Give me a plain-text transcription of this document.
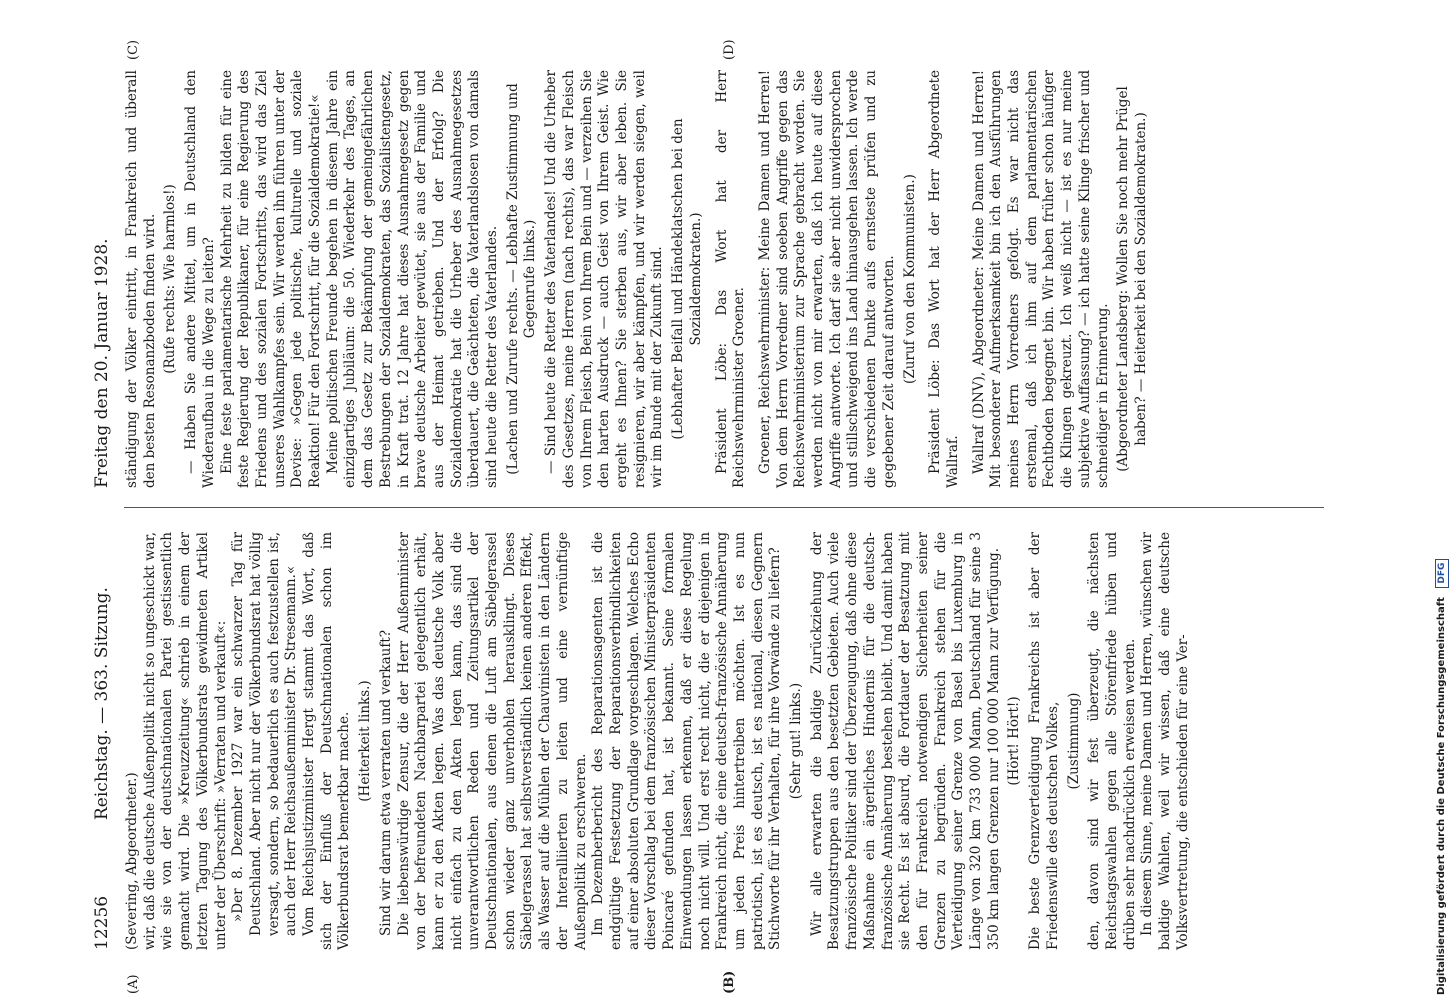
12256
Reichstag. — 363. Sitzung.
Freitag den 20. Januar 1928.
(A)	(B)
(C)	(D)

(Severing, Abgeordneter.) wir, daß die deutsche Außenpolitik nicht so ungeschickt war, wie sie von der deutschnationalen Partei gestissentlich gemacht wird. Die »Kreuzzeitung« schrieb in einem der letzten Tagung des Völkerbundsrats gewidmeten Artikel unter der Überschrift: »Verraten und verkauft«: »Der 8. Dezember 1927 war ein schwarzer Tag für Deutschland. Aber nicht nur der Völkerbundsrat hat völlig versagt, sondern, so bedauerlich es auch festzustellen ist, auch der Herr Reichsaußenminister Dr. Stresemann.« Vom Reichsjustizminister Hergt stammt das Wort, daß sich der Einfluß der Deutschnationalen schon im Völkerbundsrat bemerkbar mache. (Heiterkeit links.) Sind wir darum etwa verraten und verkauft? Die liebenswürdige Zensur, die der Herr Außenminister von der befreundeten Nachbarpartei gelegentlich erhält, kann er zu den Akten legen. Was das deutsche Volk aber nicht einfach zu den Akten legen kann, das sind die unverantwortlichen Reden und Zeitungsartikel der Deutschnationalen, aus denen die Luft am Säbelgerassel schon wieder ganz unverhohlen herausklingt. Dieses Säbelgerassel hat selbstverständlich keinen anderen Effekt, als Wasser auf die Mühlen der Chauvinisten in den Ländern der Interalliierten zu leiten und eine vernünftige Außenpolitik zu erschweren. Im Dezemberbericht des Reparationsagenten ist die endgültige Festsetzung der Reparationsverbindlichkeiten auf einer absoluten Grundlage vorgeschlagen. Welches Echo dieser Vorschlag bei dem französischen Ministerpräsidenten Poincaré gefunden hat, ist bekannt. Seine formalen Einwendungen lassen erkennen, daß er diese Regelung noch nicht will. Und erst recht nicht, die er diejenigen in Frankreich nicht, die eine deutsch-französische Annäherung um jeden Preis hintertreiben möchten. Ist es nun patriotisch, ist es deutsch, ist es national, diesen Gegnern Stichworte für ihr Verhalten, für ihre Vorwände zu liefern? (Sehr gut! links.) Wir alle erwarten die baldige Zurückziehung der Besatzungstruppen aus den besetzten Gebieten. Auch viele französische Politiker sind der Überzeugung, daß ohne diese Maßnahme ein ärgerliches Hindernis für die deutsch-französische Annäherung bestehen bleibt. Und damit haben sie Recht. Es ist absurd, die Fortdauer der Besatzung mit den für Frankreich notwendigen Sicherheiten seiner Grenzen zu begründen. Frankreich stehen für die Verteidigung seiner Grenze von Basel bis Luxemburg in Länge von 320 km 733 000 Mann, Deutschland für seine 3 350 km langen Grenzen nur 100 000 Mann zur Verfügung. (Hört! Hört!) Die beste Grenzverteidigung Frankreichs ist aber der Friedenswille des deutschen Volkes, (Zustimmung) den, davon sind wir fest überzeugt, die nächsten Reichstagswahlen gegen alle Störenfriede hüben und drüben sehr nachdrücklich erweisen werden. In diesem Sinne, meine Damen und Herren, wünschen wir baldige Wahlen, weil wir wissen, daß eine deutsche Volksvertretung, die entschieden für eine Ver-

ständigung der Völker eintritt, in Frankreich und überall den besten Resonanzboden finden wird. (Rufe rechts: Wie harmlos!) — Haben Sie andere Mittel, um in Deutschland den Wiederaufbau in die Wege zu leiten? Eine feste parlamentarische Mehrheit zu bilden für eine feste Regierung der Republikaner, für eine Regierung des Friedens und des sozialen Fortschritts, das wird das Ziel unseres Wahlkampfes sein. Wir werden ihn führen unter der Devise: »Gegen jede politische, kulturelle und soziale Reaktion! Für den Fortschritt, für die Sozialdemokratie!« Meine politischen Freunde begehen in diesem Jahre ein einzigartiges Jubiläum: die 50. Wiederkehr des Tages, an dem das Gesetz zur Bekämpfung der gemeingefährlichen Bestrebungen der Sozialdemokraten, das Sozialistengesetz, in Kraft trat. 12 Jahre hat dieses Ausnahmegesetz gegen brave deutsche Arbeiter gewütet, sie aus der Familie und aus der Heimat getrieben. Und der Erfolg? Die Sozialdemokratie hat die Urheber des Ausnahmegesetzes überdauert, die Geächteten, die Vaterlandslosen von damals sind heute die Retter des Vaterlandes. (Lachen und Zurufe rechts. — Lebhafte Zustimmung und Gegenrufe links.) — Sind heute die Retter des Vaterlandes! Und die Urheber des Gesetzes, meine Herren (nach rechts), das war Fleisch von Ihrem Fleisch, Bein von Ihrem Bein und — verzeihen Sie den harten Ausdruck — auch Geist von Ihrem Geist. Wie ergeht es Ihnen? Sie sterben aus, wir aber leben. Sie resignieren, wir aber kämpfen, und wir werden siegen, weil wir im Bunde mit der Zukunft sind. (Lebhafter Beifall und Händeklatschen bei den Sozialdemokraten.) Präsident Löbe: Das Wort hat der Herr Reichswehrminister Groener. Groener, Reichswehrminister: Meine Damen und Herren! Von dem Herrn Vorredner sind soeben Angriffe gegen das Reichswehrministerium zur Sprache gebracht worden. Sie werden nicht von mir erwarten, daß ich heute auf diese Angriffe antworte. Ich darf sie aber nicht unwidersprochen und stillschweigend ins Land hinausgehen lassen. Ich werde die verschiedenen Punkte aufs ernsteste prüfen und zu gegebener Zeit darauf antworten. (Zuruf von den Kommunisten.) Präsident Löbe: Das Wort hat der Herr Abgeordnete Wallraf. Wallraf (DNV), Abgeordneter: Meine Damen und Herren! Mit besonderer Aufmerksamkeit bin ich den Ausführungen meines Herrn Vorredners gefolgt. Es war nicht das erstemal, daß ich ihm auf dem parlamentarischen Fechtboden begegnet bin. Wir haben früher schon häufiger die Klingen gekreuzt. Ich weiß nicht — ist es nur meine subjektive Auffassung? — ich hatte seine Klinge frischer und schneidiger in Erinnerung. (Abgeordneter Landsberg: Wollen Sie noch mehr Prügel haben? — Heiterkeit bei den Sozialdemokraten.)

Digitalisierung gefördert durch die Deutsche Forschungsgemeinschaft DFG
